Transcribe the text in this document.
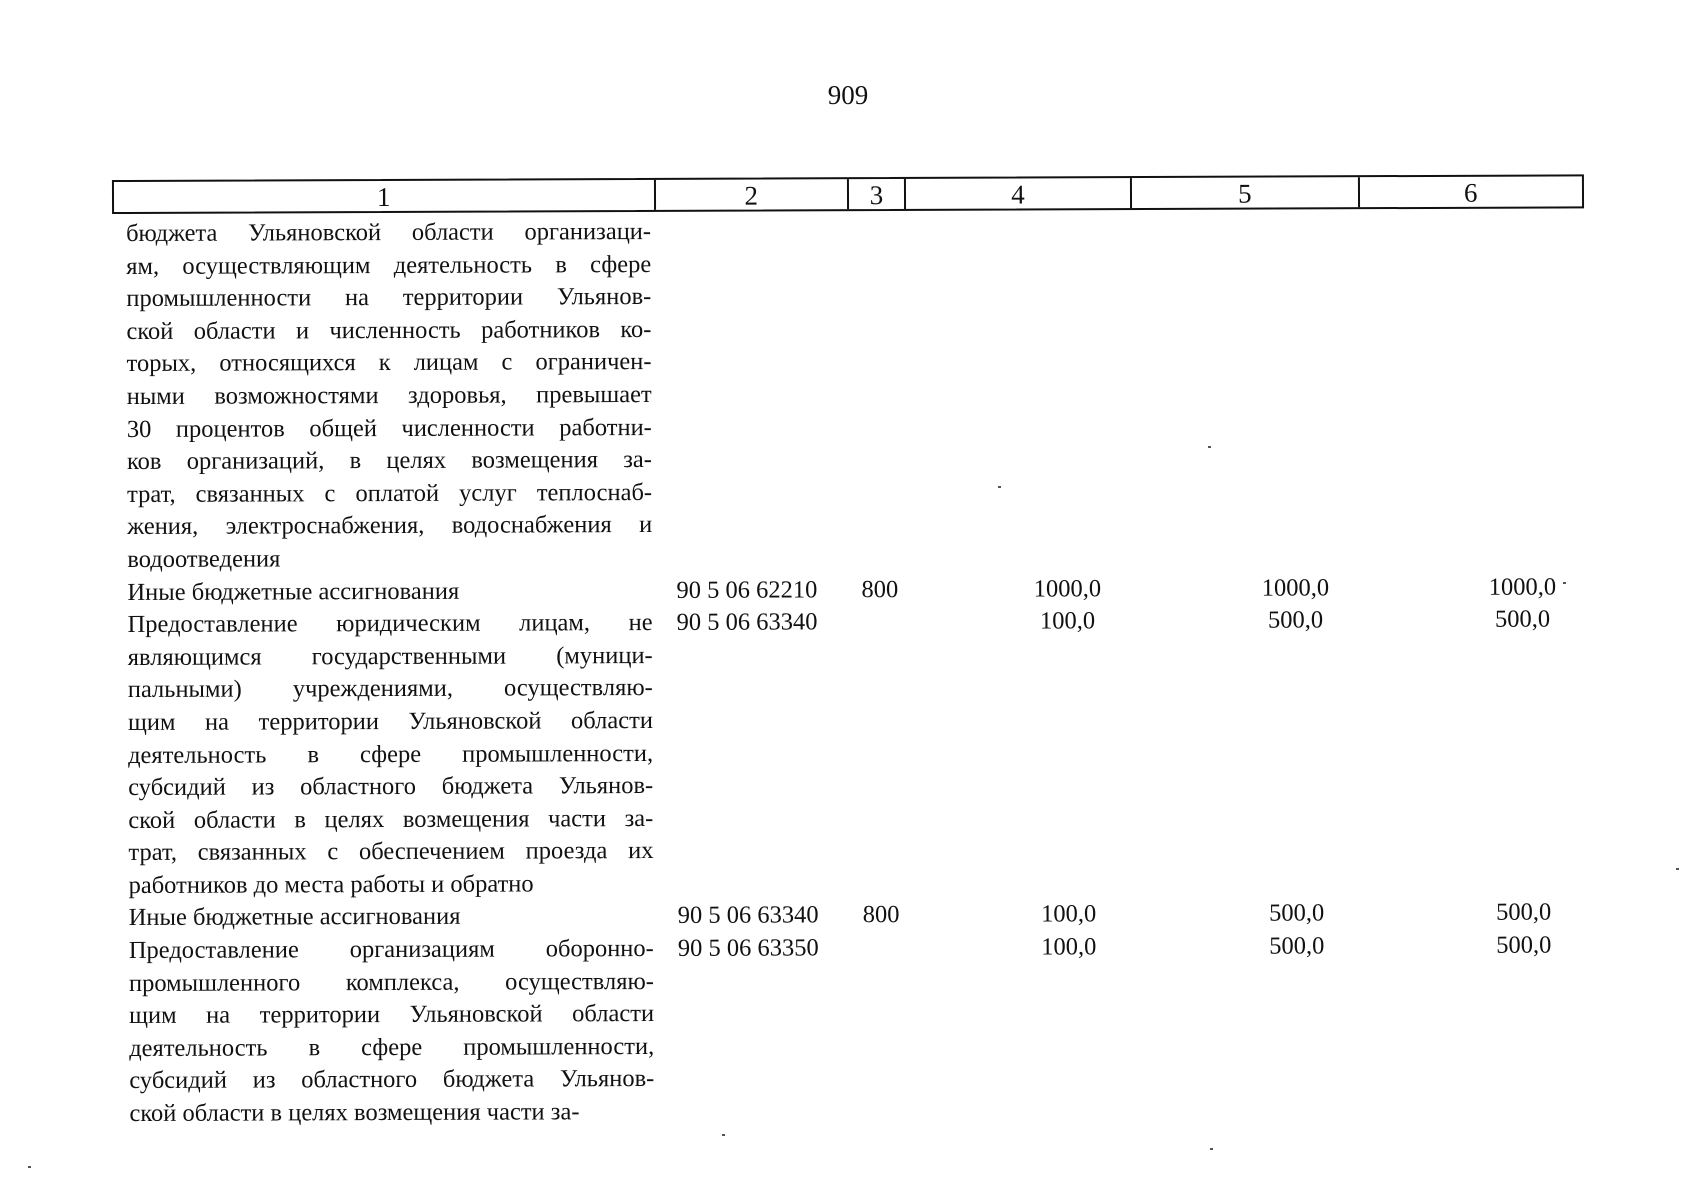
909
1	2	3	4	5	6
бюджета Ульяновской области организаци-
ям, осуществляющим деятельность в сфере
промышленности на территории Ульянов-
ской области и численность работников ко-
торых, относящихся к лицам с ограничен-
ными возможностями здоровья, превышает
30 процентов общей численности работни-
ков организаций, в целях возмещения за-
трат, связанных с оплатой услуг теплоснаб-
жения, электроснабжения, водоснабжения и
водоотведения
Иные бюджетные ассигнования	90 5 06 62210 800	1000,0	1000,0	1000,0
Предоставление юридическим лицам, не
являющимся государственными (муници-
пальными) учреждениями, осуществляю-
щим на территории Ульяновской области
деятельность в сфере промышленности,
субсидий из областного бюджета Ульянов-
ской области в целях возмещения части за-
трат, связанных с обеспечением проезда их
работников до места работы и обратно
90 5 06 63340	100,0	500,0	500,0
Иные бюджетные ассигнования	90 5 06 63340 800	100,0	500,0	500,0
Предоставление организациям оборонно-
промышленного комплекса, осуществляю-
щим на территории Ульяновской области
деятельность в сфере промышленности,
субсидий из областного бюджета Ульянов-
ской области в целях возмещения части за-
90 5 06 63350	100,0	500,0	500,0
